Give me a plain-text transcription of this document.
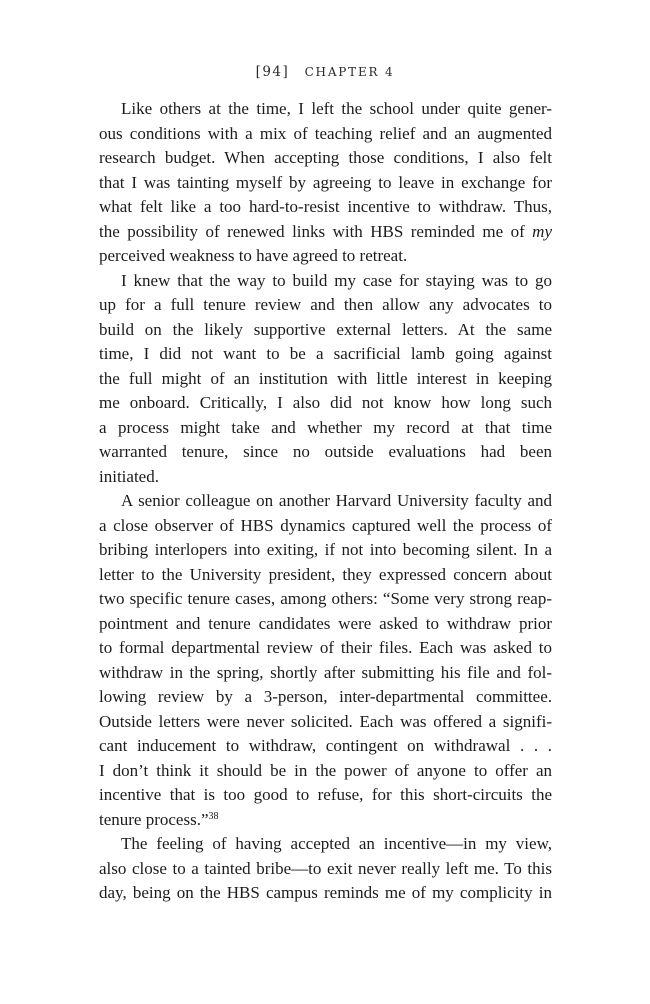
[94] CHAPTER 4
Like others at the time, I left the school under quite gener-
ous conditions with a mix of teaching relief and an augmented
research budget. When accepting those conditions, I also felt
that I was tainting myself by agreeing to leave in exchange for
what felt like a too hard-to-resist incentive to withdraw. Thus,
the possibility of renewed links with HBS reminded me of my
perceived weakness to have agreed to retreat.
I knew that the way to build my case for staying was to go
up for a full tenure review and then allow any advocates to
build on the likely supportive external letters. At the same
time, I did not want to be a sacrificial lamb going against
the full might of an institution with little interest in keeping
me onboard. Critically, I also did not know how long such
a process might take and whether my record at that time
warranted tenure, since no outside evaluations had been
initiated.
A senior colleague on another Harvard University faculty and
a close observer of HBS dynamics captured well the process of
bribing interlopers into exiting, if not into becoming silent. In a
letter to the University president, they expressed concern about
two specific tenure cases, among others: “Some very strong reap-
pointment and tenure candidates were asked to withdraw prior
to formal departmental review of their files. Each was asked to
withdraw in the spring, shortly after submitting his file and fol-
lowing review by a 3-person, inter-departmental committee.
Outside letters were never solicited. Each was offered a signifi-
cant inducement to withdraw, contingent on withdrawal . . .
I don’t think it should be in the power of anyone to offer an
incentive that is too good to refuse, for this short-circuits the
tenure process.”$^{38}$
The feeling of having accepted an incentive—in my view,
also close to a tainted bribe—to exit never really left me. To this
day, being on the HBS campus reminds me of my complicity in
